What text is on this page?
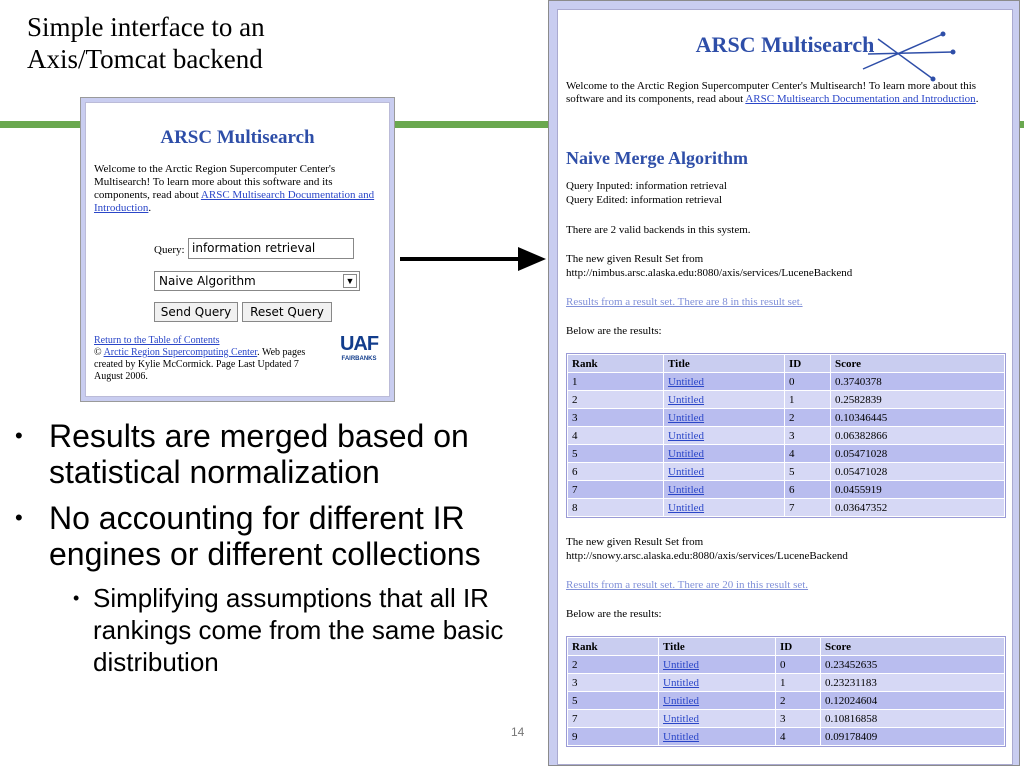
Simple interface to an Axis/Tomcat backend
ARSC Multisearch
Welcome to the Arctic Region Supercomputer Center's Multisearch! To learn more about this software and its components, read about ARSC Multisearch Documentation and Introduction.
Query: information retrieval
Naive Algorithm	▼
Send Query	Reset Query
Return to the Table of Contents
© Arctic Region Supercomputing Center. Web pages created by Kylie McCormick. Page Last Updated 7 August 2006.
UAF
FAIRBANKS
• Results are merged based on statistical normalization
• No accounting for different IR engines or different collections
• Simplifying assumptions that all IR rankings come from the same basic distribution
14
ARSC Multisearch
Welcome to the Arctic Region Supercomputer Center's Multisearch! To learn more about this software and its components, read about ARSC Multisearch Documentation and Introduction.
Naive Merge Algorithm
Query Inputed: information retrieval
Query Edited: information retrieval
There are 2 valid backends in this system.
The new given Result Set from
http://nimbus.arsc.alaska.edu:8080/axis/services/LuceneBackend
Results from a result set. There are 8 in this result set.
Below are the results:
Rank	Title	ID	Score
1	Untitled	0	0.3740378
2	Untitled	1	0.2582839
3	Untitled	2	0.10346445
4	Untitled	3	0.06382866
5	Untitled	4	0.05471028
6	Untitled	5	0.05471028
7	Untitled	6	0.0455919
8	Untitled	7	0.03647352
The new given Result Set from
http://snowy.arsc.alaska.edu:8080/axis/services/LuceneBackend
Results from a result set. There are 20 in this result set.
Below are the results:
Rank	Title	ID	Score
2	Untitled	0	0.23452635
3	Untitled	1	0.23231183
5	Untitled	2	0.12024604
7	Untitled	3	0.10816858
9	Untitled	4	0.09178409
